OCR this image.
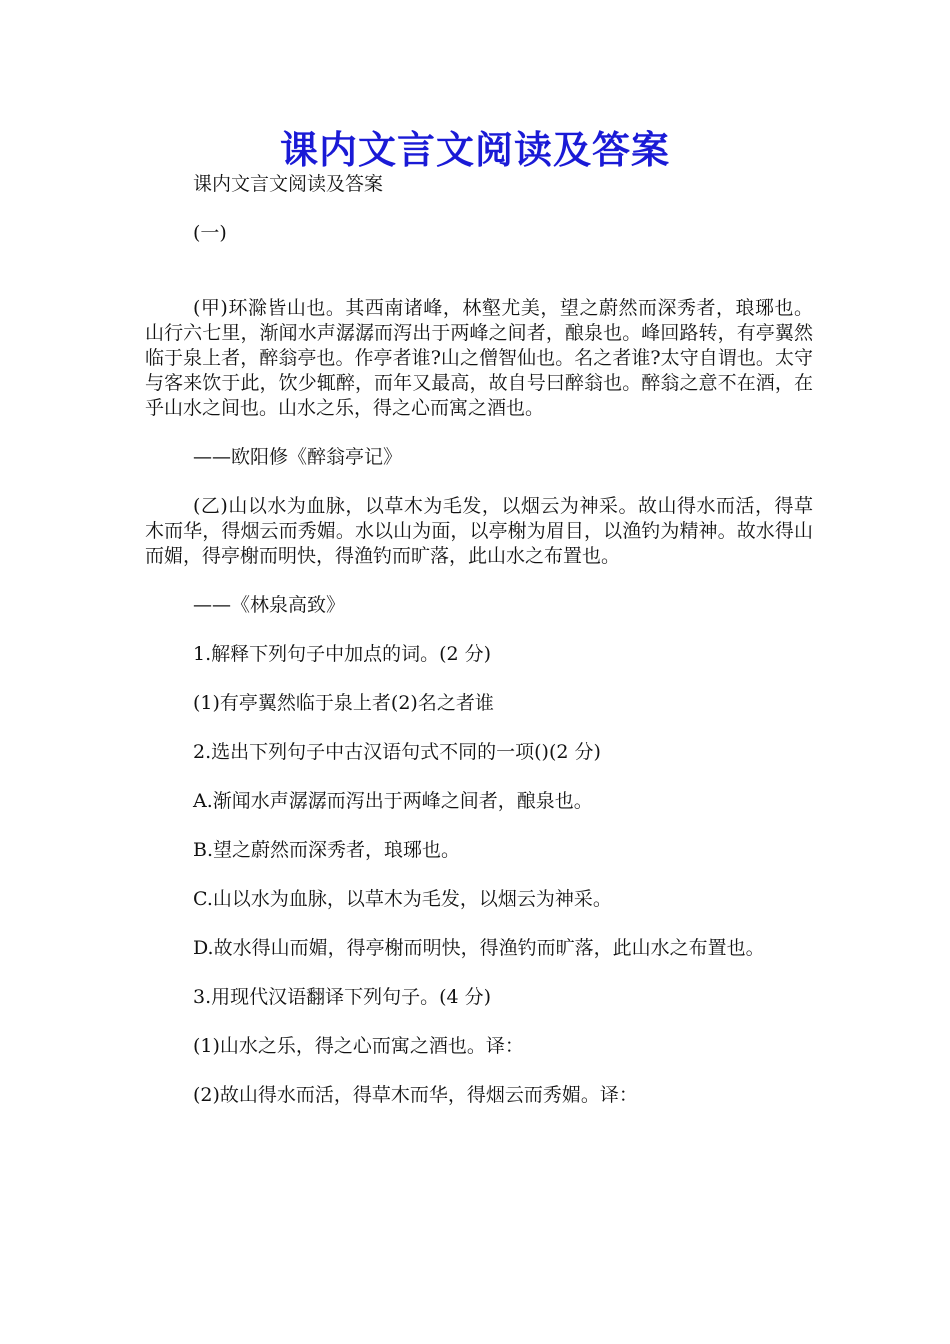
课内文言文阅读及答案

课内文言文阅读及答案

(一)

(甲)环滁皆山也。其西南诸峰，林壑尤美，望之蔚然而深秀者，琅琊也。山行六七里，渐闻水声潺潺而泻出于两峰之间者，酿泉也。峰回路转，有亭翼然临于泉上者，醉翁亭也。作亭者谁?山之僧智仙也。名之者谁?太守自谓也。太守与客来饮于此，饮少辄醉，而年又最高，故自号曰醉翁也。醉翁之意不在酒，在乎山水之间也。山水之乐，得之心而寓之酒也。

——欧阳修《醉翁亭记》

(乙)山以水为血脉，以草木为毛发，以烟云为神采。故山得水而活，得草木而华，得烟云而秀媚。水以山为面，以亭榭为眉目，以渔钓为精神。故水得山而媚，得亭榭而明快，得渔钓而旷落，此山水之布置也。

——《林泉高致》

1.解释下列句子中加点的词。(2 分)

(1)有亭翼然临于泉上者(2)名之者谁

2.选出下列句子中古汉语句式不同的一项()(2 分)

A.渐闻水声潺潺而泻出于两峰之间者，酿泉也。

B.望之蔚然而深秀者，琅琊也。

C.山以水为血脉，以草木为毛发，以烟云为神采。

D.故水得山而媚，得亭榭而明快，得渔钓而旷落，此山水之布置也。

3.用现代汉语翻译下列句子。(4 分)

(1)山水之乐，得之心而寓之酒也。译：

(2)故山得水而活，得草木而华，得烟云而秀媚。译：
